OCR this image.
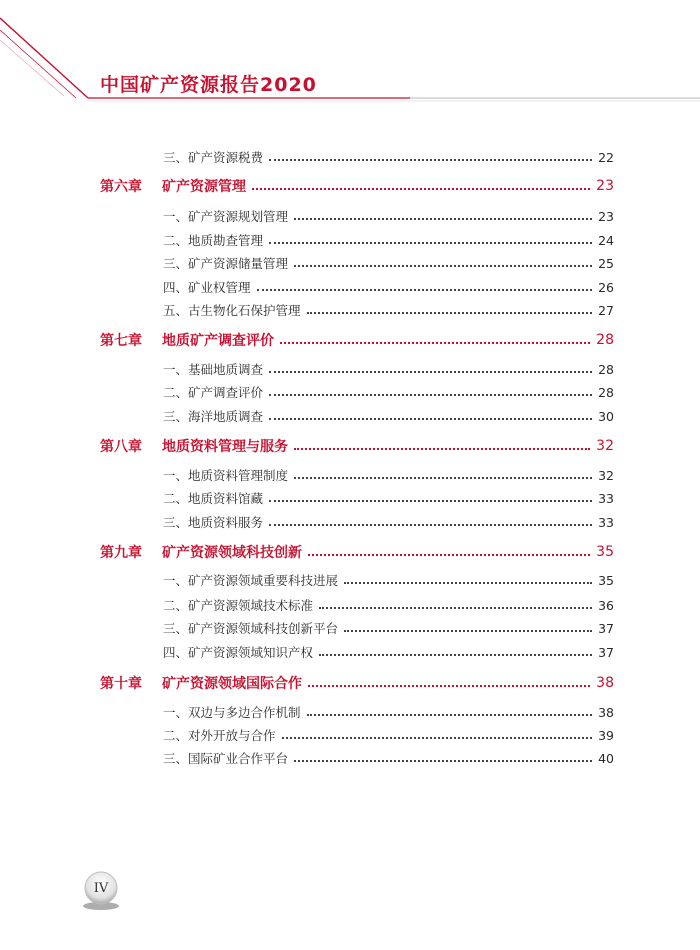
中国矿产资源报告2020
三、矿产资源税费	22
第六章	矿产资源管理	23
一、矿产资源规划管理	23
二、地质勘查管理	24
三、矿产资源储量管理	25
四、矿业权管理	26
五、古生物化石保护管理	27
第七章	地质矿产调查评价	28
一、基础地质调查	28
二、矿产调查评价	28
三、海洋地质调查	30
第八章	地质资料管理与服务	32
一、地质资料管理制度	32
二、地质资料馆藏	33
三、地质资料服务	33
第九章	矿产资源领域科技创新	35
一、矿产资源领域重要科技进展	35
二、矿产资源领域技术标准	36
三、矿产资源领域科技创新平台	37
四、矿产资源领域知识产权	37
第十章	矿产资源领域国际合作	38
一、双边与多边合作机制	38
二、对外开放与合作	39
三、国际矿业合作平台	40
IV
